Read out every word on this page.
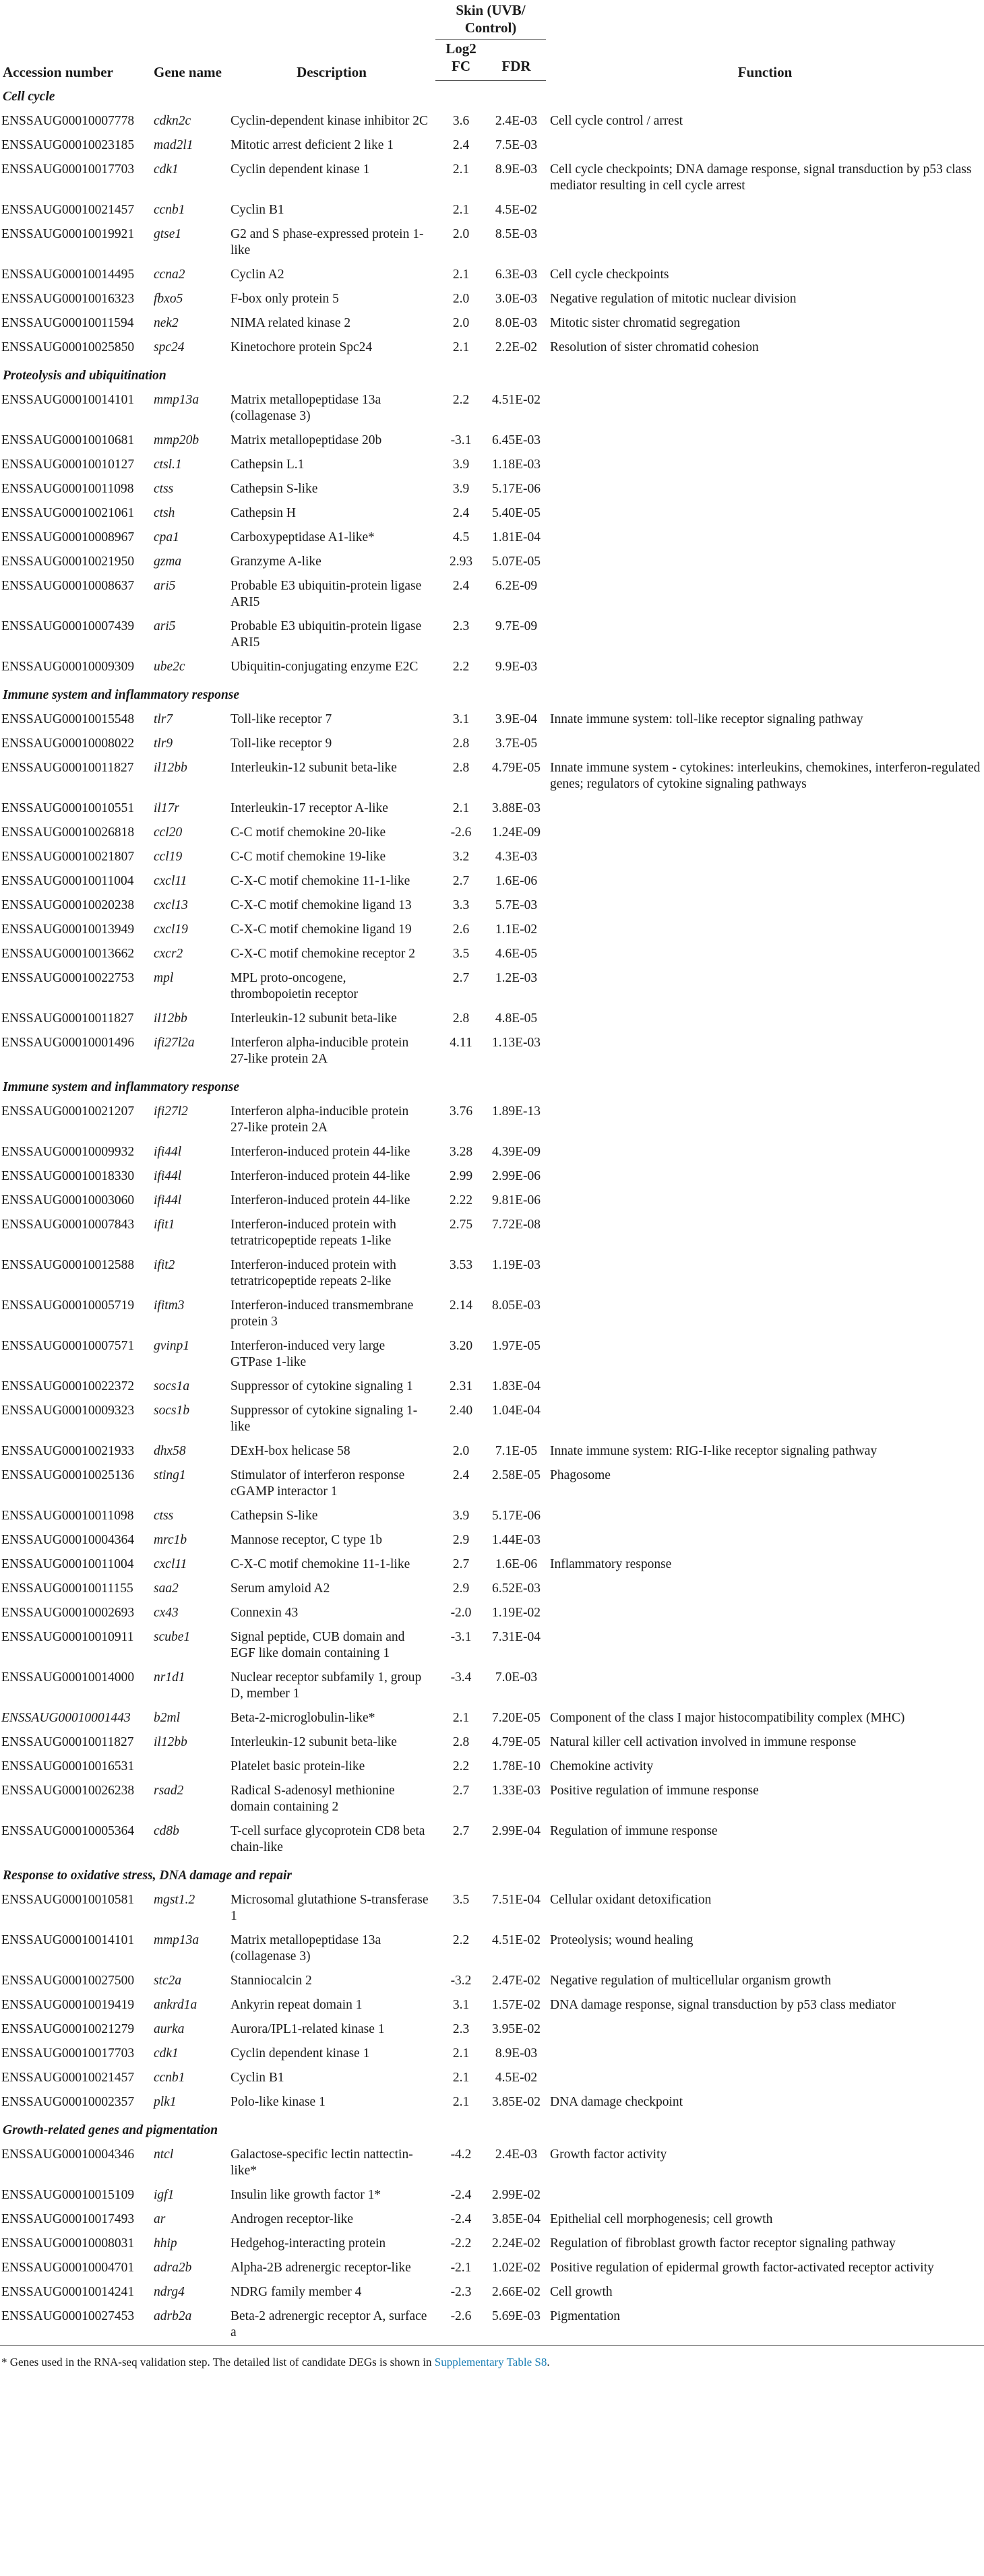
Accession number	Gene name	Description	Skin (UVB/ Control)		Function
			Log2 FC	FDR	
Cell cycle					
ENSSAUG00010007778	cdkn2c	Cyclin-dependent kinase inhibitor 2C	3.6	2.4E-03	Cell cycle control / arrest
ENSSAUG00010023185	mad2l1	Mitotic arrest deficient 2 like 1	2.4	7.5E-03	
ENSSAUG00010017703	cdk1	Cyclin dependent kinase 1	2.1	8.9E-03	Cell cycle checkpoints; DNA damage response, signal transduction by p53 class mediator resulting in cell cycle arrest
ENSSAUG00010021457	ccnb1	Cyclin B1	2.1	4.5E-02	
ENSSAUG00010019921	gtse1	G2 and S phase-expressed protein 1-like	2.0	8.5E-03	
ENSSAUG00010014495	ccna2	Cyclin A2	2.1	6.3E-03	Cell cycle checkpoints
ENSSAUG00010016323	fbxo5	F-box only protein 5	2.0	3.0E-03	Negative regulation of mitotic nuclear division
ENSSAUG00010011594	nek2	NIMA related kinase 2	2.0	8.0E-03	Mitotic sister chromatid segregation
ENSSAUG00010025850	spc24	Kinetochore protein Spc24	2.1	2.2E-02	Resolution of sister chromatid cohesion
Proteolysis and ubiquitination					
ENSSAUG00010014101	mmp13a	Matrix metallopeptidase 13a (collagenase 3)	2.2	4.51E-02	
ENSSAUG00010010681	mmp20b	Matrix metallopeptidase 20b	-3.1	6.45E-03	
ENSSAUG00010010127	ctsl.1	Cathepsin L.1	3.9	1.18E-03	
ENSSAUG00010011098	ctss	Cathepsin S-like	3.9	5.17E-06	
ENSSAUG00010021061	ctsh	Cathepsin H	2.4	5.40E-05	
ENSSAUG00010008967	cpa1	Carboxypeptidase A1-like*	4.5	1.81E-04	
ENSSAUG00010021950	gzma	Granzyme A-like	2.93	5.07E-05	
ENSSAUG00010008637	ari5	Probable E3 ubiquitin-protein ligase ARI5	2.4	6.2E-09	
ENSSAUG00010007439	ari5	Probable E3 ubiquitin-protein ligase ARI5	2.3	9.7E-09	
ENSSAUG00010009309	ube2c	Ubiquitin-conjugating enzyme E2C	2.2	9.9E-03	
Immune system and inflammatory response					
ENSSAUG00010015548	tlr7	Toll-like receptor 7	3.1	3.9E-04	Innate immune system: toll-like receptor signaling pathway
ENSSAUG00010008022	tlr9	Toll-like receptor 9	2.8	3.7E-05	
ENSSAUG00010011827	il12bb	Interleukin-12 subunit beta-like	2.8	4.79E-05	Innate immune system - cytokines: interleukins, chemokines, interferon-regulated genes; regulators of cytokine signaling pathways
ENSSAUG00010010551	il17r	Interleukin-17 receptor A-like	2.1	3.88E-03	
ENSSAUG00010026818	ccl20	C-C motif chemokine 20-like	-2.6	1.24E-09	
ENSSAUG00010021807	ccl19	C-C motif chemokine 19-like	3.2	4.3E-03	
ENSSAUG00010011004	cxcl11	C-X-C motif chemokine 11-1-like	2.7	1.6E-06	
ENSSAUG00010020238	cxcl13	C-X-C motif chemokine ligand 13	3.3	5.7E-03	
ENSSAUG00010013949	cxcl19	C-X-C motif chemokine ligand 19	2.6	1.1E-02	
ENSSAUG00010013662	cxcr2	C-X-C motif chemokine receptor 2	3.5	4.6E-05	
ENSSAUG00010022753	mpl	MPL proto-oncogene, thrombopoietin receptor	2.7	1.2E-03	
ENSSAUG00010011827	il12bb	Interleukin-12 subunit beta-like	2.8	4.8E-05	
ENSSAUG00010001496	ifi27l2a	Interferon alpha-inducible protein 27-like protein 2A	4.11	1.13E-03	
Immune system and inflammatory response					
ENSSAUG00010021207	ifi27l2	Interferon alpha-inducible protein 27-like protein 2A	3.76	1.89E-13	
ENSSAUG00010009932	ifi44l	Interferon-induced protein 44-like	3.28	4.39E-09	
ENSSAUG00010018330	ifi44l	Interferon-induced protein 44-like	2.99	2.99E-06	
ENSSAUG00010003060	ifi44l	Interferon-induced protein 44-like	2.22	9.81E-06	
ENSSAUG00010007843	ifit1	Interferon-induced protein with tetratricopeptide repeats 1-like	2.75	7.72E-08	
ENSSAUG00010012588	ifit2	Interferon-induced protein with tetratricopeptide repeats 2-like	3.53	1.19E-03	
ENSSAUG00010005719	ifitm3	Interferon-induced transmembrane protein 3	2.14	8.05E-03	
ENSSAUG00010007571	gvinp1	Interferon-induced very large GTPase 1-like	3.20	1.97E-05	
ENSSAUG00010022372	socs1a	Suppressor of cytokine signaling 1	2.31	1.83E-04	
ENSSAUG00010009323	socs1b	Suppressor of cytokine signaling 1-like	2.40	1.04E-04	
ENSSAUG00010021933	dhx58	DExH-box helicase 58	2.0	7.1E-05	Innate immune system: RIG-I-like receptor signaling pathway
ENSSAUG00010025136	sting1	Stimulator of interferon response cGAMP interactor 1	2.4	2.58E-05	Phagosome
ENSSAUG00010011098	ctss	Cathepsin S-like	3.9	5.17E-06	
ENSSAUG00010004364	mrc1b	Mannose receptor, C type 1b	2.9	1.44E-03	
ENSSAUG00010011004	cxcl11	C-X-C motif chemokine 11-1-like	2.7	1.6E-06	Inflammatory response
ENSSAUG00010011155	saa2	Serum amyloid A2	2.9	6.52E-03	
ENSSAUG00010002693	cx43	Connexin 43	-2.0	1.19E-02	
ENSSAUG00010010911	scube1	Signal peptide, CUB domain and EGF like domain containing 1	-3.1	7.31E-04	
ENSSAUG00010014000	nr1d1	Nuclear receptor subfamily 1, group D, member 1	-3.4	7.0E-03	
ENSSAUG00010001443	b2ml	Beta-2-microglobulin-like*	2.1	7.20E-05	Component of the class I major histocompatibility complex (MHC)
ENSSAUG00010011827	il12bb	Interleukin-12 subunit beta-like	2.8	4.79E-05	Natural killer cell activation involved in immune response
ENSSAUG00010016531		Platelet basic protein-like	2.2	1.78E-10	Chemokine activity
ENSSAUG00010026238	rsad2	Radical S-adenosyl methionine domain containing 2	2.7	1.33E-03	Positive regulation of immune response
ENSSAUG00010005364	cd8b	T-cell surface glycoprotein CD8 beta chain-like	2.7	2.99E-04	Regulation of immune response
Response to oxidative stress, DNA damage and repair					
ENSSAUG00010010581	mgst1.2	Microsomal glutathione S-transferase 1	3.5	7.51E-04	Cellular oxidant detoxification
ENSSAUG00010014101	mmp13a	Matrix metallopeptidase 13a (collagenase 3)	2.2	4.51E-02	Proteolysis; wound healing
ENSSAUG00010027500	stc2a	Stanniocalcin 2	-3.2	2.47E-02	Negative regulation of multicellular organism growth
ENSSAUG00010019419	ankrd1a	Ankyrin repeat domain 1	3.1	1.57E-02	DNA damage response, signal transduction by p53 class mediator
ENSSAUG00010021279	aurka	Aurora/IPL1-related kinase 1	2.3	3.95E-02	
ENSSAUG00010017703	cdk1	Cyclin dependent kinase 1	2.1	8.9E-03	
ENSSAUG00010021457	ccnb1	Cyclin B1	2.1	4.5E-02	
ENSSAUG00010002357	plk1	Polo-like kinase 1	2.1	3.85E-02	DNA damage checkpoint
Growth-related genes and pigmentation					
ENSSAUG00010004346	ntcl	Galactose-specific lectin nattectin-like*	-4.2	2.4E-03	Growth factor activity
ENSSAUG00010015109	igf1	Insulin like growth factor 1*	-2.4	2.99E-02	
ENSSAUG00010017493	ar	Androgen receptor-like	-2.4	3.85E-04	Epithelial cell morphogenesis; cell growth
ENSSAUG00010008031	hhip	Hedgehog-interacting protein	-2.2	2.24E-02	Regulation of fibroblast growth factor receptor signaling pathway
ENSSAUG00010004701	adra2b	Alpha-2B adrenergic receptor-like	-2.1	1.02E-02	Positive regulation of epidermal growth factor-activated receptor activity
ENSSAUG00010014241	ndrg4	NDRG family member 4	-2.3	2.66E-02	Cell growth
ENSSAUG00010027453	adrb2a	Beta-2 adrenergic receptor A, surface a	-2.6	5.69E-03	Pigmentation
* Genes used in the RNA-seq validation step. The detailed list of candidate DEGs is shown in Supplementary Table S8.
